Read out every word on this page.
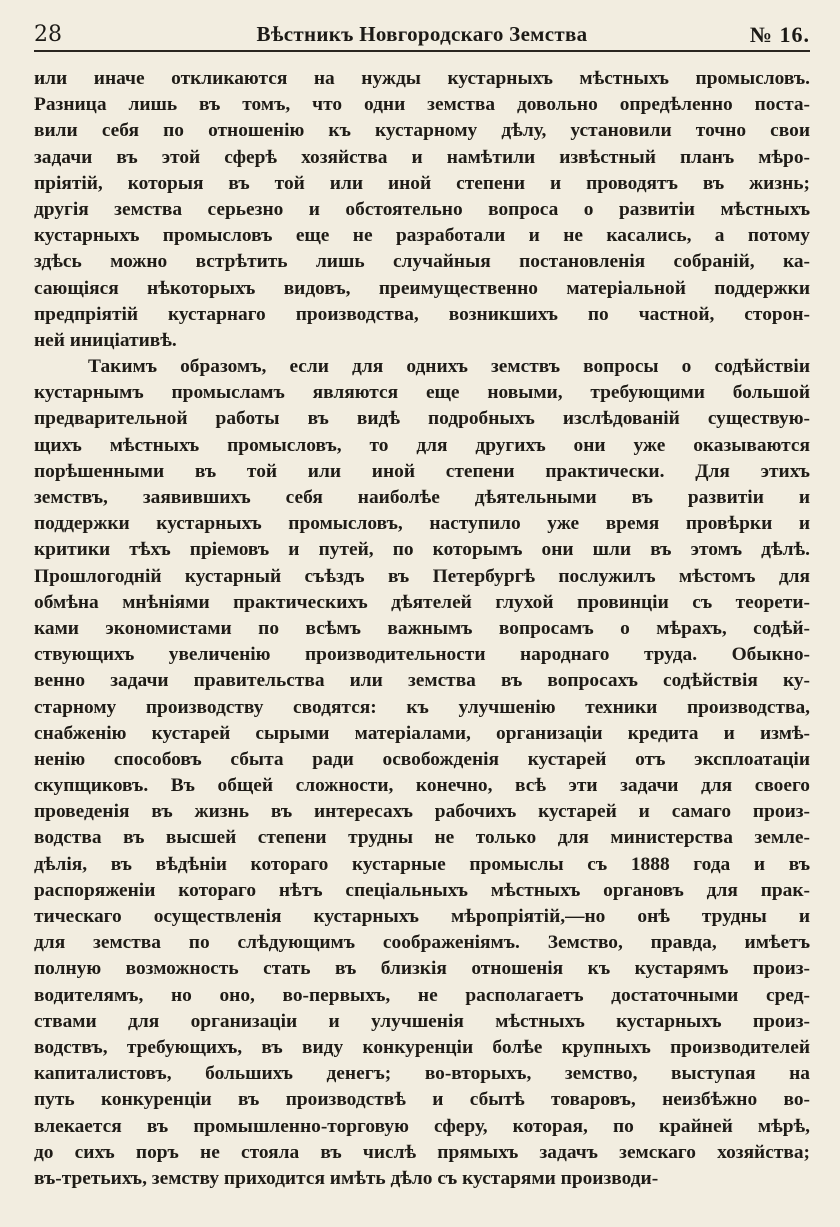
28	Вѣстникъ Новгородскаго Земства	№ 16.
или иначе откликаются на нужды кустарныхъ мѣстныхъ промысловъ.
Разница лишь въ томъ, что одни земства довольно опредѣленно поста-
вили себя по отношенію къ кустарному дѣлу, установили точно свои
задачи въ этой сферѣ хозяйства и намѣтили извѣстный планъ мѣро-
пріятій, которыя въ той или иной степени и проводятъ въ жизнь;
другія земства серьезно и обстоятельно вопроса о развитіи мѣстныхъ
кустарныхъ промысловъ еще не разработали и не касались, а потому
здѣсь можно встрѣтить лишь случайныя постановленія собраній, ка-
сающіяся нѣкоторыхъ видовъ, преимущественно матеріальной поддержки
предпріятій кустарнаго производства, возникшихъ по частной, сторон-
ней иниціативѣ.
Такимъ образомъ, если для однихъ земствъ вопросы о содѣйствіи
кустарнымъ промысламъ являются еще новыми, требующими большой
предварительной работы въ видѣ подробныхъ изслѣдованій существую-
щихъ мѣстныхъ промысловъ, то для другихъ они уже оказываются
порѣшенными въ той или иной степени практически. Для этихъ
земствъ, заявившихъ себя наиболѣе дѣятельными въ развитіи и
поддержки кустарныхъ промысловъ, наступило уже время провѣрки и
критики тѣхъ пріемовъ и путей, по которымъ они шли въ этомъ дѣлѣ.
Прошлогодній кустарный съѣздъ въ Петербургѣ послужилъ мѣстомъ для
обмѣна мнѣніями практическихъ дѣятелей глухой провинціи съ теорети-
ками экономистами по всѣмъ важнымъ вопросамъ о мѣрахъ, содѣй-
ствующихъ увеличенію производительности народнаго труда. Обыкно-
венно задачи правительства или земства въ вопросахъ содѣйствія ку-
старному производству сводятся: къ улучшенію техники производства,
снабженію кустарей сырыми матеріалами, организаціи кредита и измѣ-
ненію способовъ сбыта ради освобожденія кустарей отъ эксплоатаціи
скупщиковъ. Въ общей сложности, конечно, всѣ эти задачи для своего
проведенія въ жизнь въ интересахъ рабочихъ кустарей и самаго произ-
водства въ высшей степени трудны не только для министерства земле-
дѣлія, въ вѣдѣніи котораго кустарные промыслы съ 1888 года и въ
распоряженіи котораго нѣтъ спеціальныхъ мѣстныхъ органовъ для прак-
тическаго осуществленія кустарныхъ мѣропріятій,—но онѣ трудны и
для земства по слѣдующимъ соображеніямъ. Земство, правда, имѣетъ
полную возможность стать въ близкія отношенія къ кустарямъ произ-
водителямъ, но оно, во-первыхъ, не располагаетъ достаточными сред-
ствами для организаціи и улучшенія мѣстныхъ кустарныхъ произ-
водствъ, требующихъ, въ виду конкуренціи болѣе крупныхъ производителей
капиталистовъ, большихъ денегъ; во-вторыхъ, земство, выступая на
путь конкуренціи въ производствѣ и сбытѣ товаровъ, неизбѣжно во-
влекается въ промышленно-торговую сферу, которая, по крайней мѣрѣ,
до сихъ поръ не стояла въ числѣ прямыхъ задачъ земскаго хозяйства;
въ-третьихъ, земству приходится имѣть дѣло съ кустарями производи-
